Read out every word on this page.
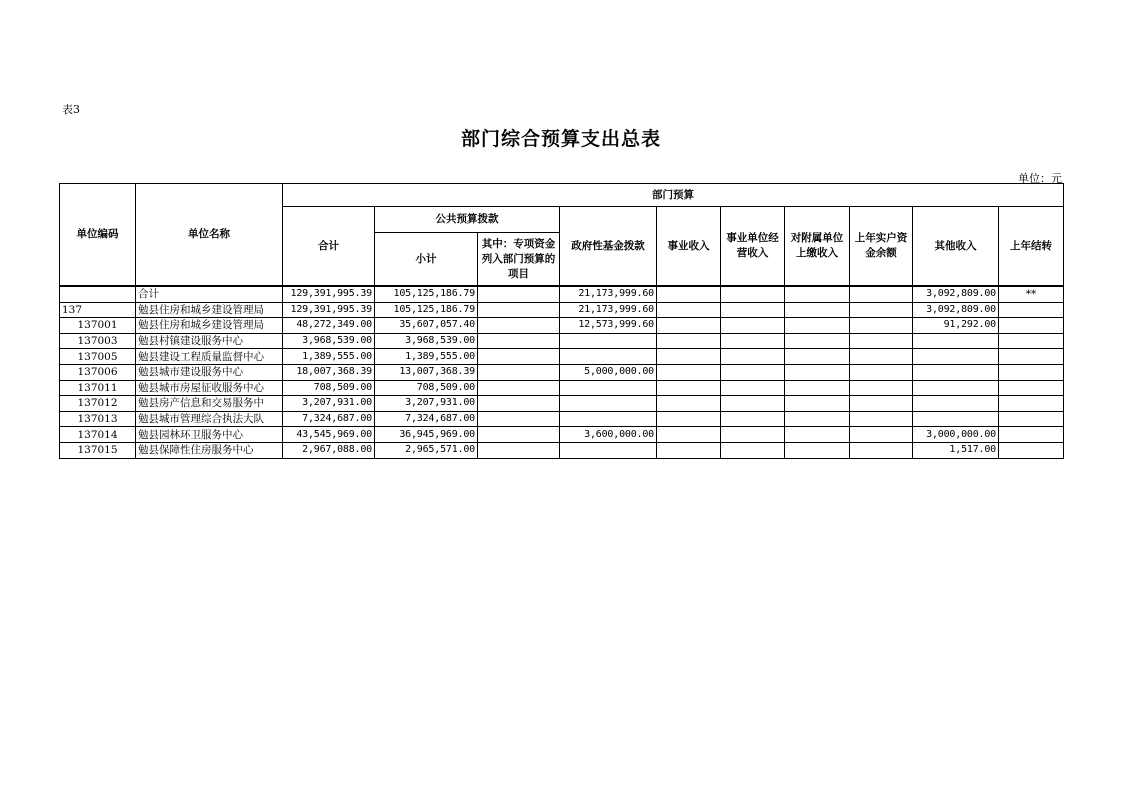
表3
部门综合预算支出总表
单位：元
单位编码	单位名称	部门预算									
		合计	公共预算拨款		政府性基金拨款	事业收入	事业单位经营收入	对附属单位上缴收入	上年实户资金余额	其他收入	上年结转
			小计	其中：专项资金列入部门预算的项目							
	合计	129,391,995.39	105,125,186.79		21,173,999.60					3,092,809.00	**
137	勉县住房和城乡建设管理局	129,391,995.39	105,125,186.79		21,173,999.60					3,092,809.00	
137001	勉县住房和城乡建设管理局	48,272,349.00	35,607,057.40		12,573,999.60					91,292.00	
137003	勉县村镇建设服务中心	3,968,539.00	3,968,539.00								
137005	勉县建设工程质量监督中心	1,389,555.00	1,389,555.00								
137006	勉县城市建设服务中心	18,007,368.39	13,007,368.39		5,000,000.00						
137011	勉县城市房屋征收服务中心	708,509.00	708,509.00								
137012	勉县房产信息和交易服务中	3,207,931.00	3,207,931.00								
137013	勉县城市管理综合执法大队	7,324,687.00	7,324,687.00								
137014	勉县园林环卫服务中心	43,545,969.00	36,945,969.00		3,600,000.00					3,000,000.00	
137015	勉县保障性住房服务中心	2,967,088.00	2,965,571.00							1,517.00	
